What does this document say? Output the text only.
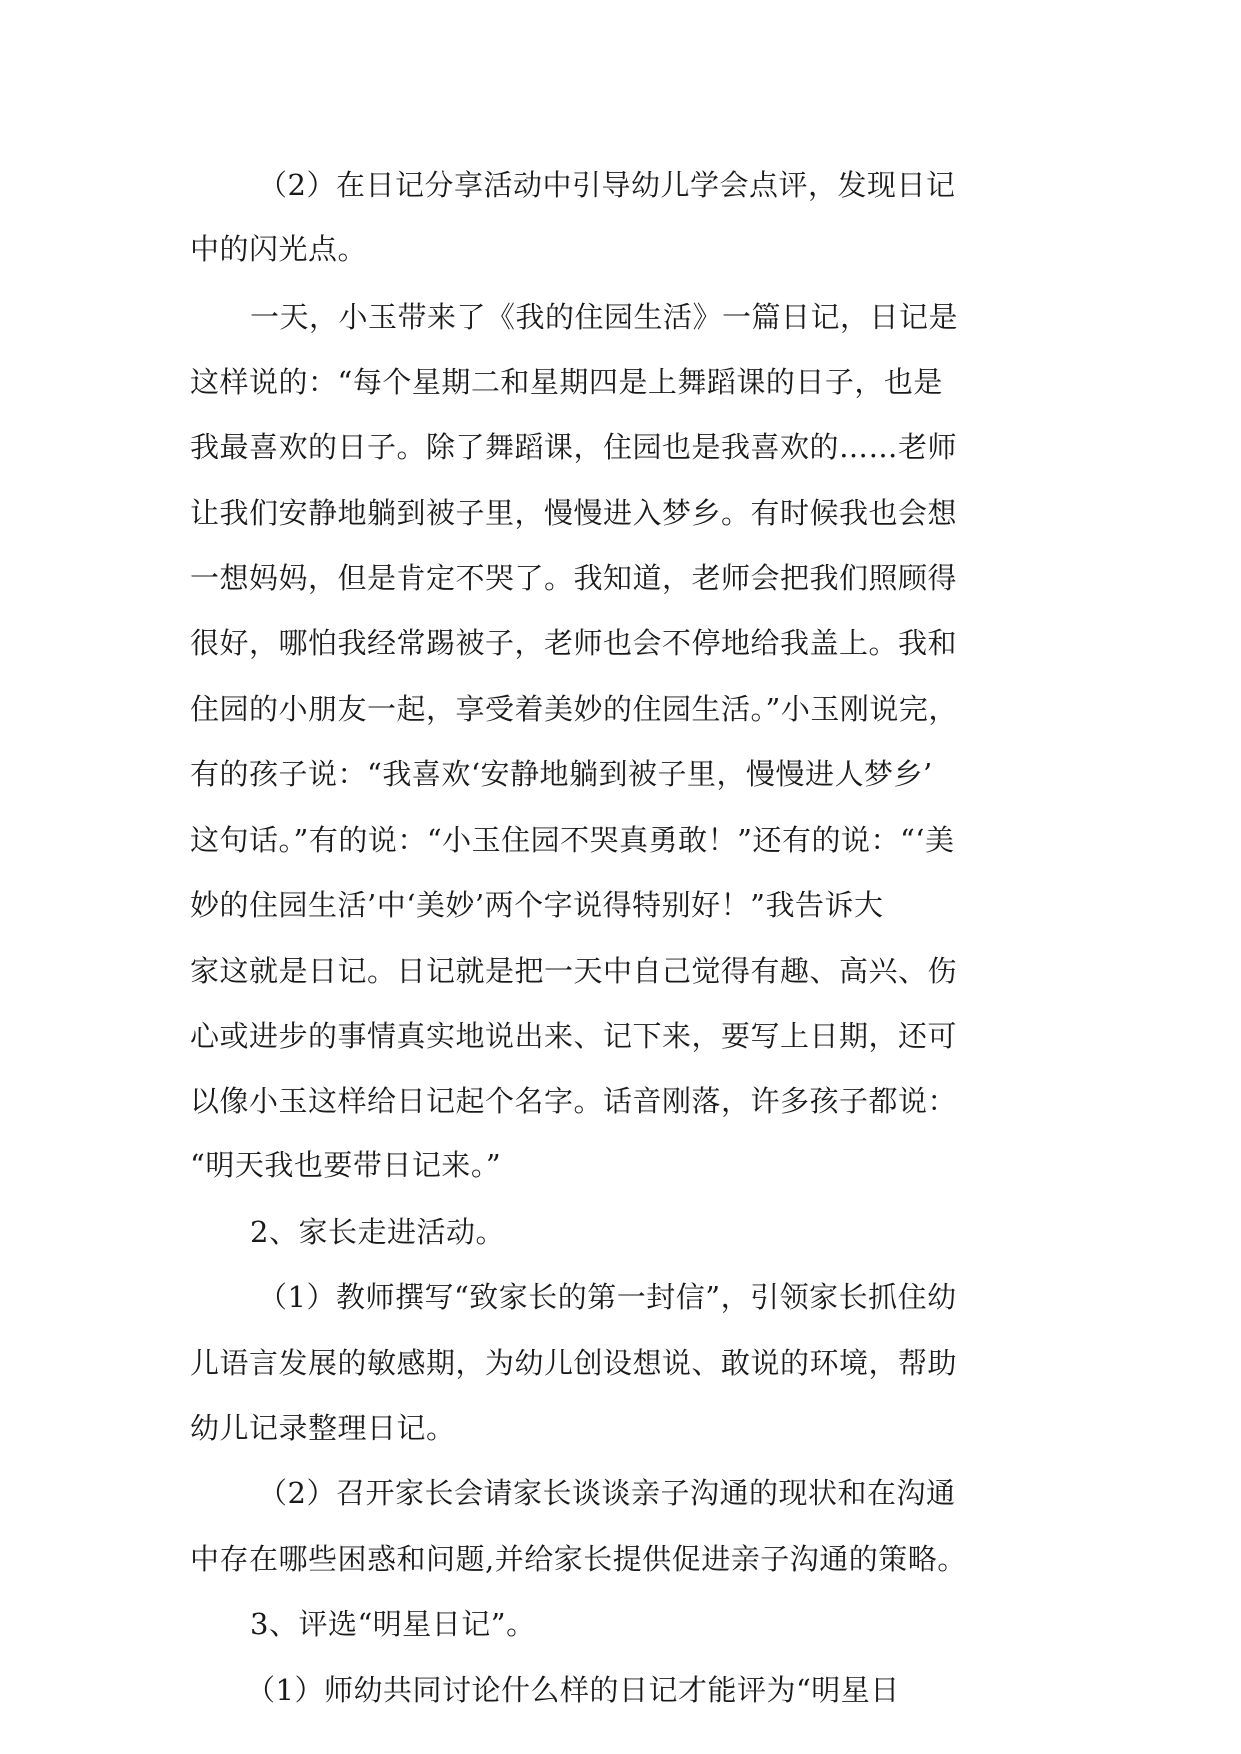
（2）在日记分享活动中引导幼儿学会点评，发现日记
中的闪光点。
一天，小玉带来了《我的住园生活》一篇日记，日记是
这样说的：“每个星期二和星期四是上舞蹈课的日子，也是
我最喜欢的日子。除了舞蹈课，住园也是我喜欢的……老师
让我们安静地躺到被子里，慢慢进入梦乡。有时候我也会想
一想妈妈，但是肯定不哭了。我知道，老师会把我们照顾得
很好，哪怕我经常踢被子，老师也会不停地给我盖上。我和
住园的小朋友一起，享受着美妙的住园生活。”小玉刚说完，
有的孩子说：“我喜欢‘安静地躺到被子里，慢慢进人梦乡’
这句话。”有的说：“小玉住园不哭真勇敢！”还有的说：“‘美
妙的住园生活’中‘美妙’两个字说得特别好！”我告诉大
家这就是日记。日记就是把一天中自己觉得有趣、高兴、伤
心或进步的事情真实地说出来、记下来，要写上日期，还可
以像小玉这样给日记起个名字。话音刚落，许多孩子都说：
“明天我也要带日记来。”
2、家长走进活动。
（1）教师撰写“致家长的第一封信”，引领家长抓住幼
儿语言发展的敏感期，为幼儿创设想说、敢说的环境，帮助
幼儿记录整理日记。
（2）召开家长会请家长谈谈亲子沟通的现状和在沟通
中存在哪些困惑和问题,并给家长提供促进亲子沟通的策略。
3、评选“明星日记”。
（1）师幼共同讨论什么样的日记才能评为“明星日
